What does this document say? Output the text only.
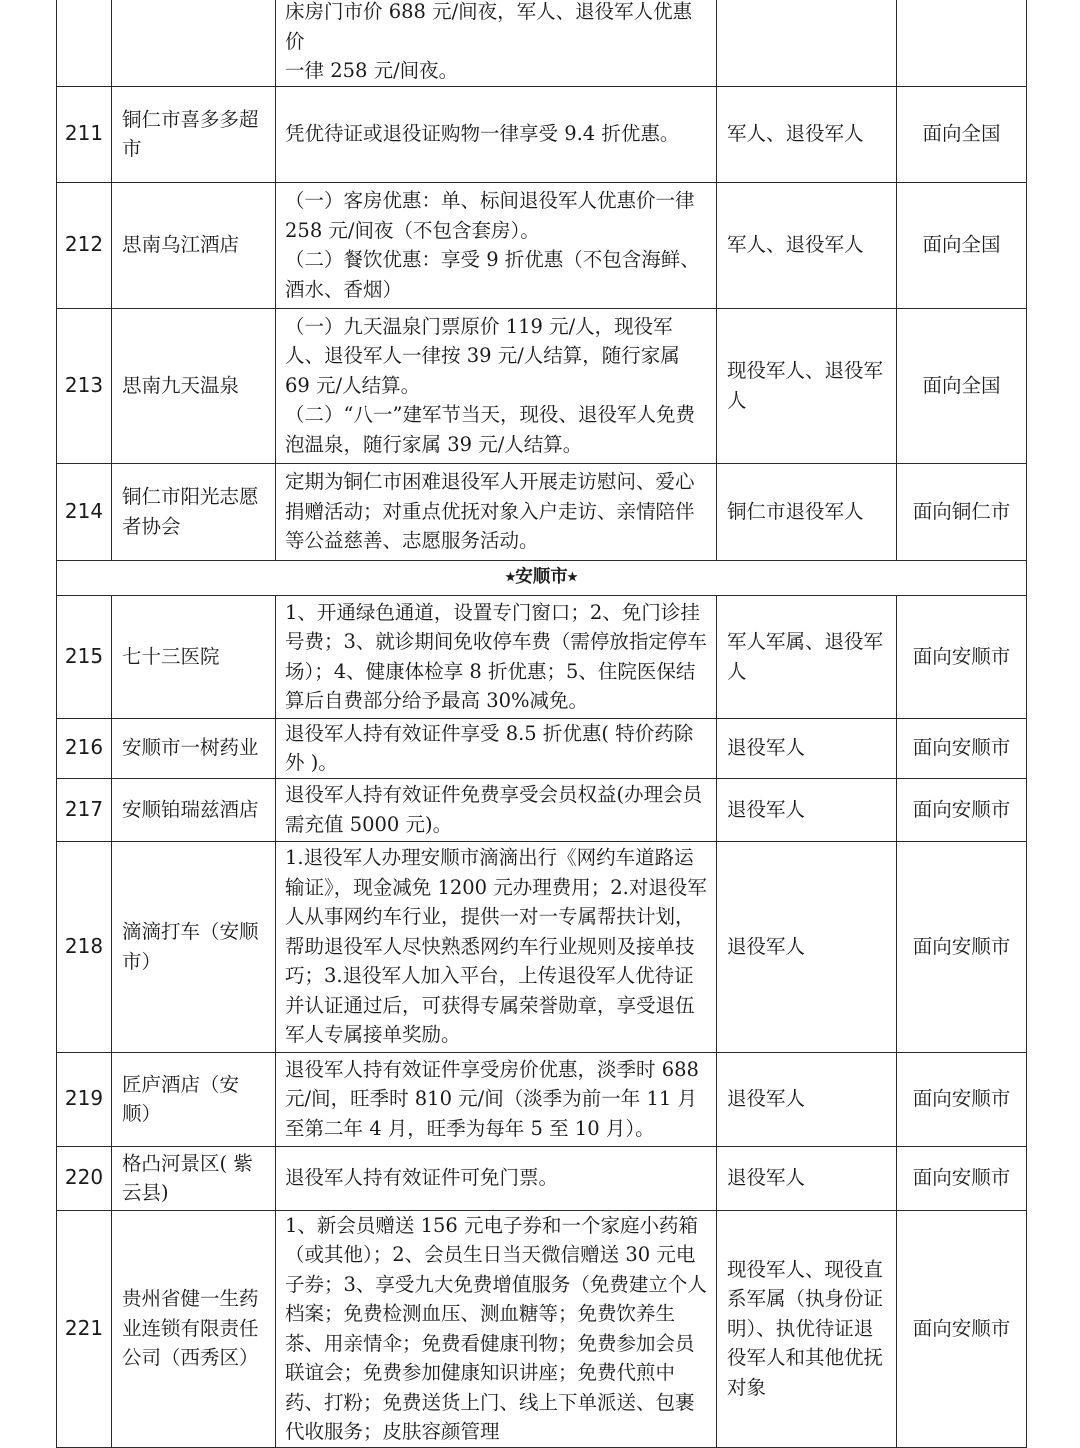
		床房门市价 688 元/间夜，军人、退役军人优惠价
一律 258 元/间夜。		

211	铜仁市喜多多超市	凭优待证或退役证购物一律享受 9.4 折优惠。	军人、退役军人	面向全国
212	思南乌江酒店	（一）客房优惠：单、标间退役军人优惠价一律 258 元/间夜（不包含套房）。
（二）餐饮优惠：享受 9 折优惠（不包含海鲜、酒水、香烟）	军人、退役军人	面向全国
213	思南九天温泉	（一）九天温泉门票原价 119 元/人，现役军人、退役军人一律按 39 元/人结算，随行家属 69 元/人结算。
（二）“八一”建军节当天，现役、退役军人免费泡温泉，随行家属 39 元/人结算。	现役军人、退役军人	面向全国
214	铜仁市阳光志愿者协会	定期为铜仁市困难退役军人开展走访慰问、爱心捐赠活动；对重点优抚对象入户走访、亲情陪伴等公益慈善、志愿服务活动。	铜仁市退役军人	面向铜仁市
⭑安顺市⭑				
215	七十三医院	1、开通绿色通道，设置专门窗口；2、免门诊挂号费；3、就诊期间免收停车费（需停放指定停车场）；4、健康体检享 8 折优惠；5、住院医保结算后自费部分给予最高 30%减免。	军人军属、退役军人	面向安顺市
216	安顺市一树药业	退役军人持有效证件享受 8.5 折优惠( 特价药除外 )。	退役军人	面向安顺市
217	安顺铂瑞兹酒店	退役军人持有效证件免费享受会员权益(办理会员需充值 5000 元)。	退役军人	面向安顺市
218	滴滴打车（安顺市）	1.退役军人办理安顺市滴滴出行《网约车道路运输证》，现金减免 1200 元办理费用；2.对退役军人从事网约车行业，提供一对一专属帮扶计划，帮助退役军人尽快熟悉网约车行业规则及接单技巧；3.退役军人加入平台，上传退役军人优待证并认证通过后，可获得专属荣誉勋章，享受退伍军人专属接单奖励。	退役军人	面向安顺市
219	匠庐酒店（安顺）	退役军人持有效证件享受房价优惠，淡季时 688 元/间，旺季时 810 元/间（淡季为前一年 11 月至第二年 4 月，旺季为每年 5 至 10 月）。	退役军人	面向安顺市
220	格凸河景区( 紫云县)	退役军人持有效证件可免门票。	退役军人	面向安顺市
221	贵州省健一生药业连锁有限责任公司（西秀区）	1、新会员赠送 156 元电子券和一个家庭小药箱（或其他）；2、会员生日当天微信赠送 30 元电子券；3、享受九大免费增值服务（免费建立个人档案；免费检测血压、测血糖等；免费饮养生茶、用亲情伞；免费看健康刊物；免费参加会员联谊会；免费参加健康知识讲座；免费代煎中药、打粉；免费送货上门、线上下单派送、包裹代收服务；皮肤容颜管理	现役军人、现役直系军属（执身份证明）、执优待证退役军人和其他优抚对象	面向安顺市
